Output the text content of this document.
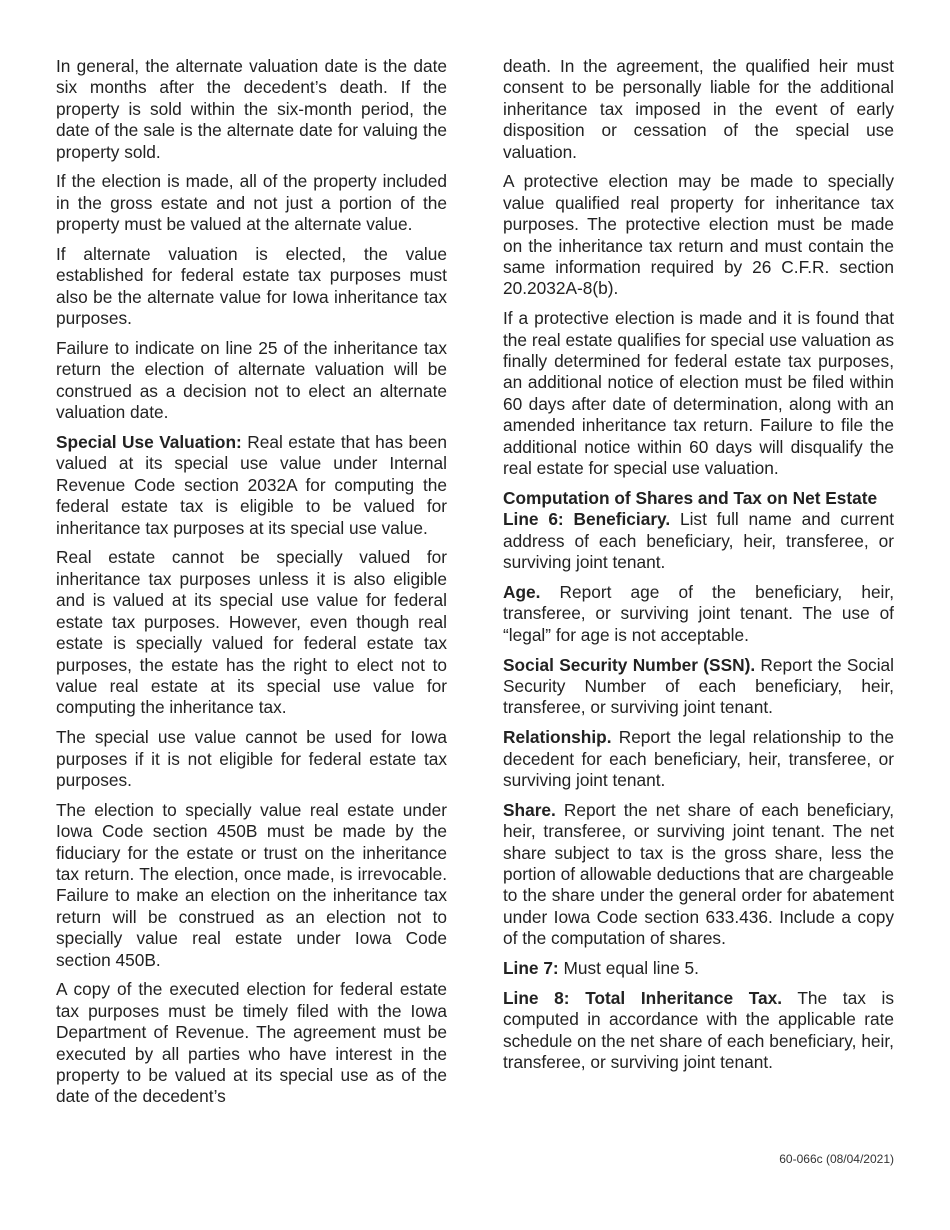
In general, the alternate valuation date is the date six months after the decedent’s death. If the property is sold within the six-month period, the date of the sale is the alternate date for valuing the property sold.

If the election is made, all of the property included in the gross estate and not just a portion of the property must be valued at the alternate value.

If alternate valuation is elected, the value established for federal estate tax purposes must also be the alternate value for Iowa inheritance tax purposes.

Failure to indicate on line 25 of the inheritance tax return the election of alternate valuation will be construed as a decision not to elect an alternate valuation date.

Special Use Valuation: Real estate that has been valued at its special use value under Internal Revenue Code section 2032A for computing the federal estate tax is eligible to be valued for inheritance tax purposes at its special use value.

Real estate cannot be specially valued for inheritance tax purposes unless it is also eligible and is valued at its special use value for federal estate tax purposes. However, even though real estate is specially valued for federal estate tax purposes, the estate has the right to elect not to value real estate at its special use value for computing the inheritance tax.

The special use value cannot be used for Iowa purposes if it is not eligible for federal estate tax purposes.

The election to specially value real estate under Iowa Code section 450B must be made by the fiduciary for the estate or trust on the inheritance tax return. The election, once made, is irrevocable. Failure to make an election on the inheritance tax return will be construed as an election not to specially value real estate under Iowa Code section 450B.

A copy of the executed election for federal estate tax purposes must be timely filed with the Iowa Department of Revenue. The agreement must be executed by all parties who have interest in the property to be valued at its special use as of the date of the decedent’s

death. In the agreement, the qualified heir must consent to be personally liable for the additional inheritance tax imposed in the event of early disposition or cessation of the special use valuation.

A protective election may be made to specially value qualified real property for inheritance tax purposes. The protective election must be made on the inheritance tax return and must contain the same information required by 26 C.F.R. section 20.2032A-8(b).

If a protective election is made and it is found that the real estate qualifies for special use valuation as finally determined for federal estate tax purposes, an additional notice of election must be filed within 60 days after date of determination, along with an amended inheritance tax return. Failure to file the additional notice within 60 days will disqualify the real estate for special use valuation.

Computation of Shares and Tax on Net Estate

Line 6: Beneficiary. List full name and current address of each beneficiary, heir, transferee, or surviving joint tenant.

Age. Report age of the beneficiary, heir, transferee, or surviving joint tenant. The use of “legal” for age is not acceptable.

Social Security Number (SSN). Report the Social Security Number of each beneficiary, heir, transferee, or surviving joint tenant.

Relationship. Report the legal relationship to the decedent for each beneficiary, heir, transferee, or surviving joint tenant.

Share. Report the net share of each beneficiary, heir, transferee, or surviving joint tenant. The net share subject to tax is the gross share, less the portion of allowable deductions that are chargeable to the share under the general order for abatement under Iowa Code section 633.436. Include a copy of the computation of shares.

Line 7: Must equal line 5.

Line 8: Total Inheritance Tax. The tax is computed in accordance with the applicable rate schedule on the net share of each beneficiary, heir, transferee, or surviving joint tenant.

60-066c (08/04/2021)
